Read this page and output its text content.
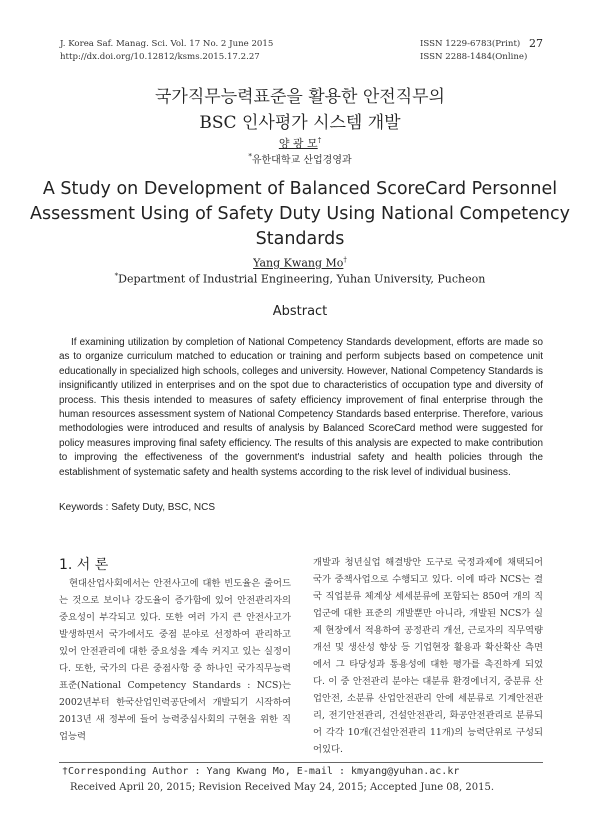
J. Korea Saf. Manag. Sci. Vol. 17 No. 2 June 2015
http://dx.doi.org/10.12812/ksms.2015.17.2.27
ISSN 1229-6783(Print)
ISSN 2288-1484(Online)
27
국가직무능력표준을 활용한 안전직무의
BSC 인사평가 시스템 개발
양 광 모†
*유한대학교 산업경영과
A Study on Development of Balanced ScoreCard Personnel
Assessment Using of Safety Duty Using National Competency
Standards
Yang Kwang Mo†
*Department of Industrial Engineering, Yuhan University, Pucheon
Abstract

If examining utilization by completion of National Competency Standards development, efforts are made so as to organize curriculum matched to education or training and perform subjects based on competence unit educationally in specialized high schools, colleges and university. However, National Competency Standards is insignificantly utilized in enterprises and on the spot due to characteristics of occupation type and diversity of process. This thesis intended to measures of safety efficiency improvement of final enterprise through the human resources assessment system of National Competency Standards based enterprise. Therefore, various methodologies were introduced and results of analysis by Balanced ScoreCard method were suggested for policy measures improving final safety efficiency. The results of this analysis are expected to make contribution to improving the effectiveness of the government's industrial safety and health policies through the establishment of systematic safety and health systems according to the risk level of individual business.

Keywords : Safety Duty, BSC, NCS
1. 서 론

현대산업사회에서는 안전사고에 대한 빈도율은 줄어드는 것으로 보이나 강도율이 증가함에 있어 안전관리자의 중요성이 부각되고 있다. 또한 여러 가지 큰 안전사고가 발생하면서 국가에서도 중점 분야로 선정하여 관리하고 있어 안전관리에 대한 중요성을 계속 커지고 있는 실정이다. 또한, 국가의 다른 중점사항 중 하나인 국가직무능력표준(National Competency Standards : NCS)는 2002년부터 한국산업인력공단에서 개발되기 시작하여 2013년 새 정부에 들어 능력중심사회의 구현을 위한 직업능력

개발과 청년실업 해결방안 도구로 국정과제에 채택되어 국가 중책사업으로 수행되고 있다. 이에 따라 NCS는 결국 직업분류 체계상 세세분류에 포함되는 850여 개의 직업군에 대한 표준의 개발뿐만 아니라, 개발된 NCS가 실제 현장에서 적용하여 공정관리 개선, 근로자의 직무역량 개선 및 생산성 향상 등 기업현장 활용과 확산확산 측면에서 그 타당성과 통용성에 대한 평가를 촉진하게 되었다. 이 중 안전관리 분야는 대분류 환경에너지, 중분류 산업안전, 소분류 산업안전관리 안에 세분류로 기계안전관리, 전기안전관리, 건설안전관리, 화공안전관리로 분류되어 각각 10개(건설안전관리 11개)의 능력단위로 구성되어있다.

†Corresponding Author : Yang Kwang Mo, E-mail : kmyang@yuhan.ac.kr
Received April 20, 2015; Revision Received May 24, 2015; Accepted June 08, 2015.
